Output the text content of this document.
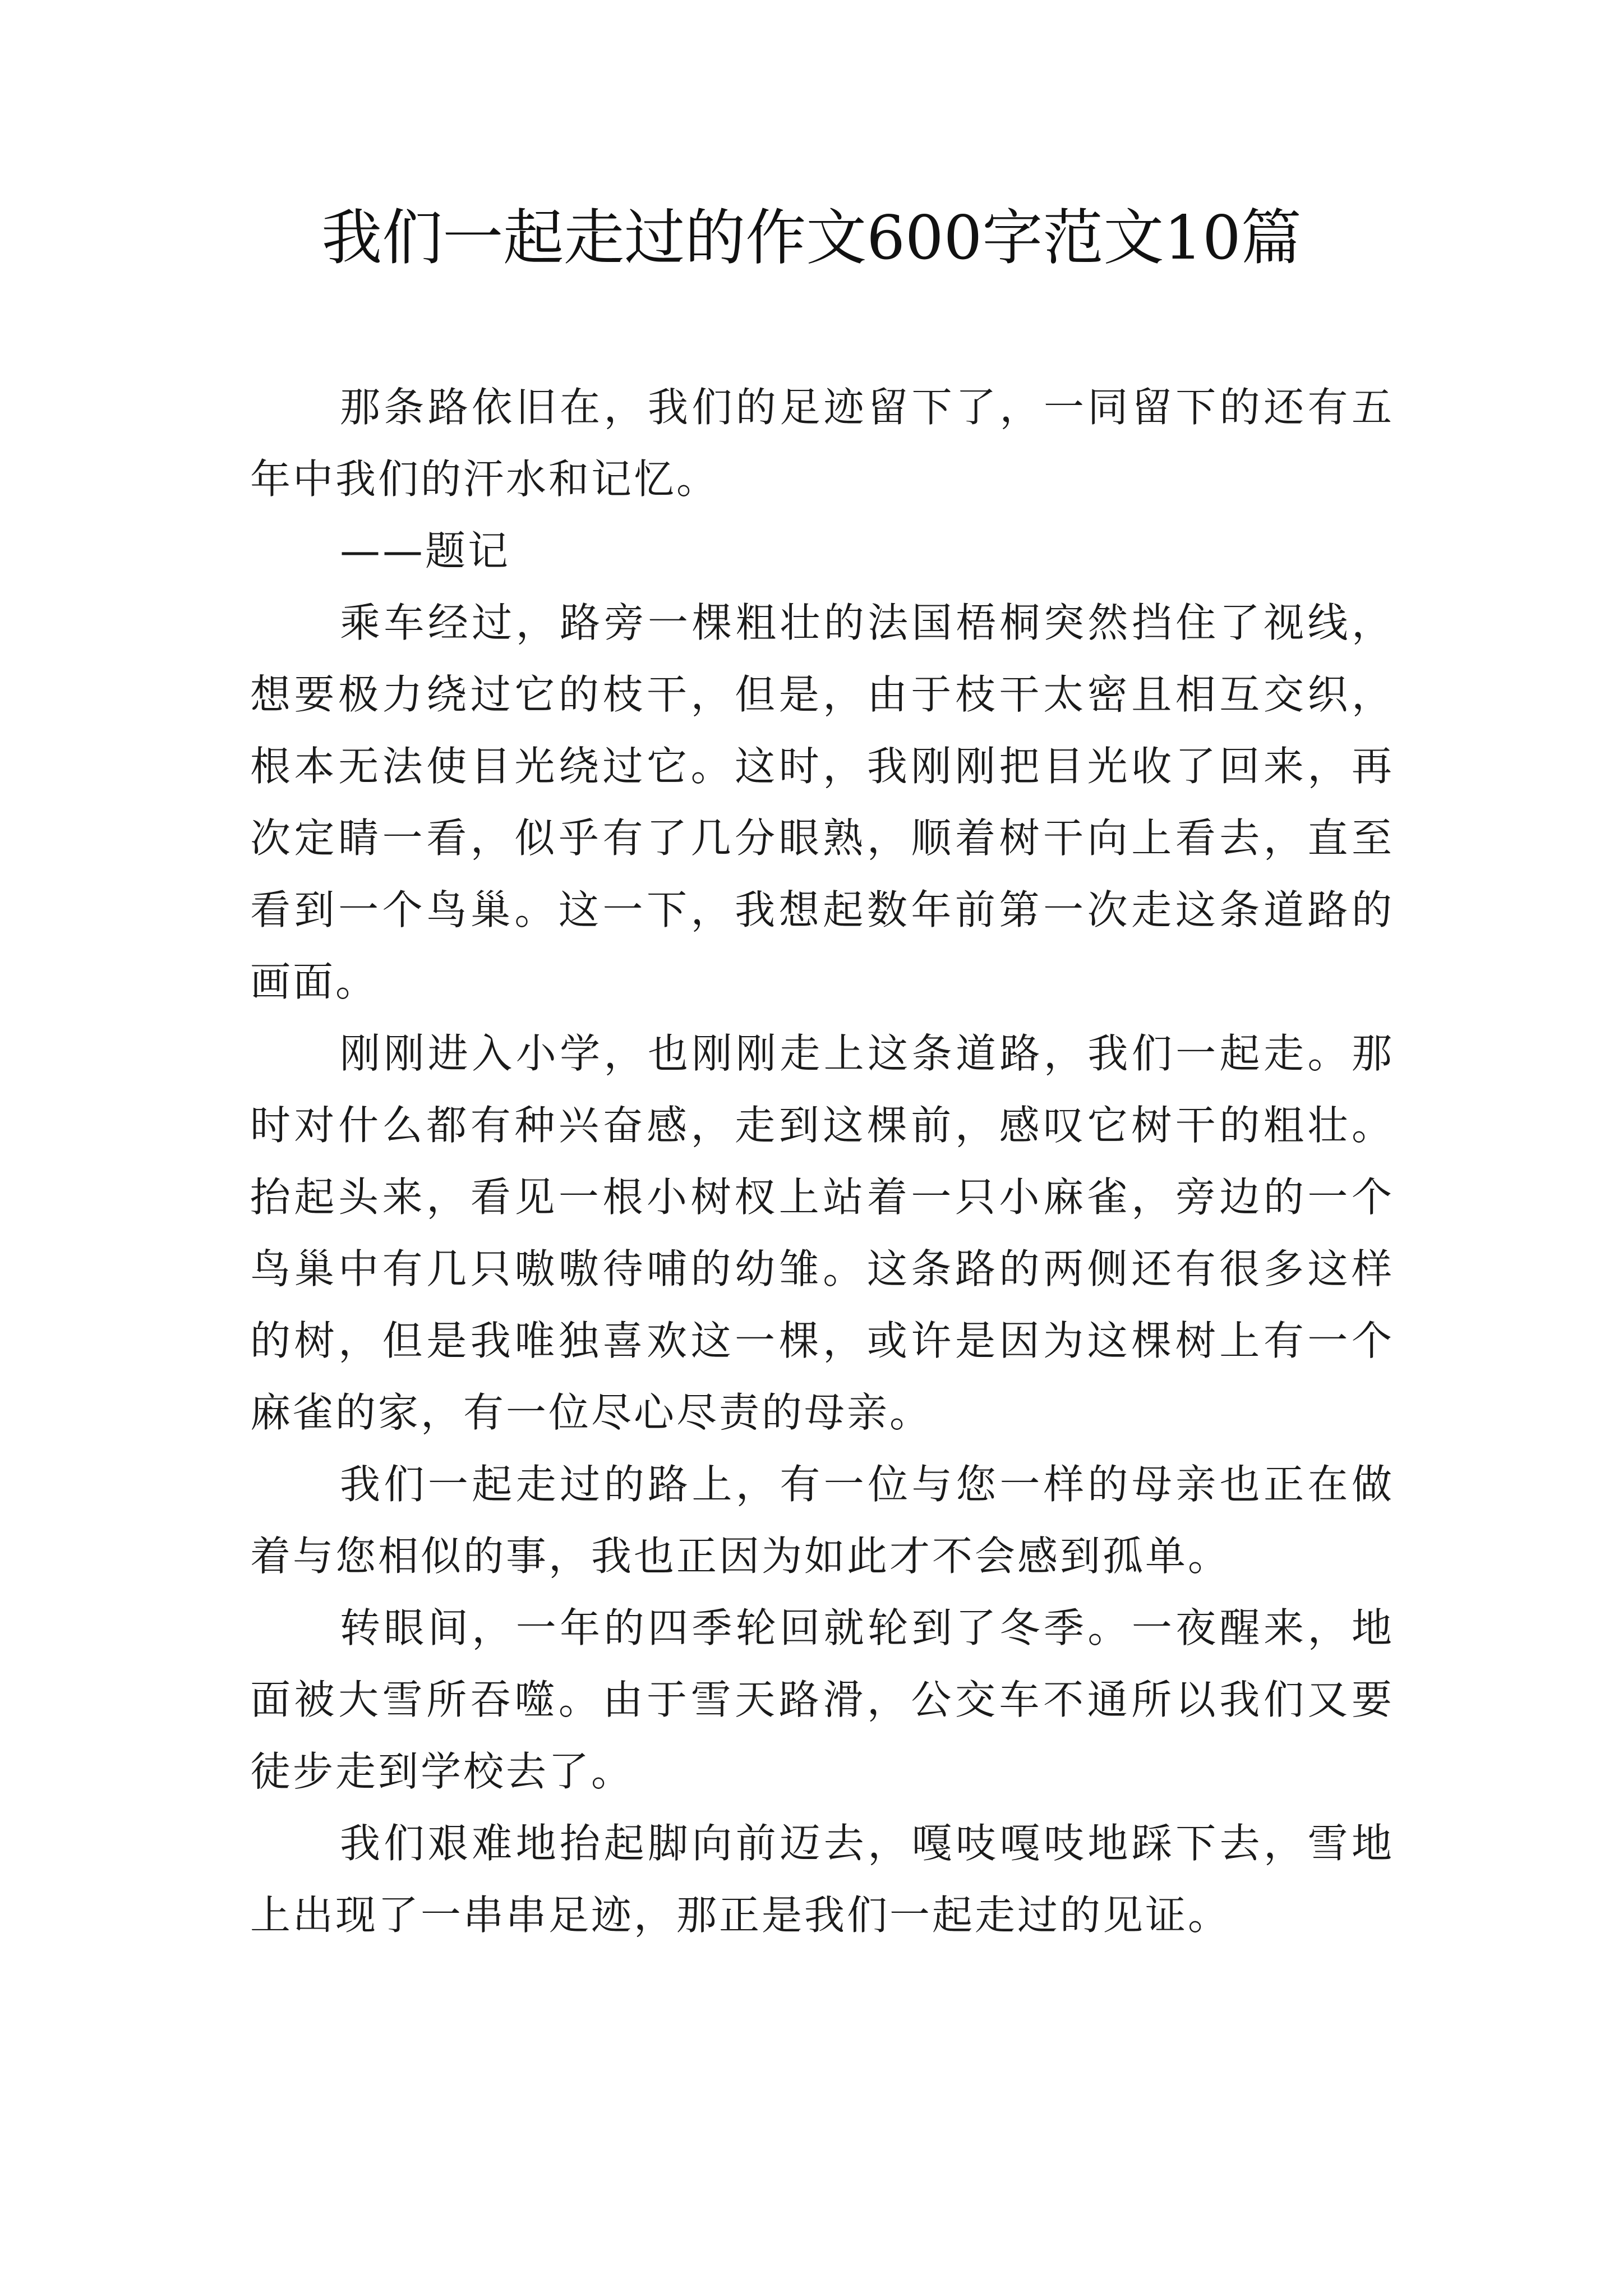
我们一起走过的作文600字范文10篇

那条路依旧在，我们的足迹留下了，一同留下的还有五年中我们的汗水和记忆。

——题记

乘车经过，路旁一棵粗壮的法国梧桐突然挡住了视线，想要极力绕过它的枝干，但是，由于枝干太密且相互交织，根本无法使目光绕过它。这时，我刚刚把目光收了回来，再次定睛一看，似乎有了几分眼熟，顺着树干向上看去，直至看到一个鸟巢。这一下，我想起数年前第一次走这条道路的画面。

刚刚进入小学，也刚刚走上这条道路，我们一起走。那时对什么都有种兴奋感，走到这棵前，感叹它树干的粗壮。抬起头来，看见一根小树杈上站着一只小麻雀，旁边的一个鸟巢中有几只嗷嗷待哺的幼雏。这条路的两侧还有很多这样的树，但是我唯独喜欢这一棵，或许是因为这棵树上有一个麻雀的家，有一位尽心尽责的母亲。

我们一起走过的路上，有一位与您一样的母亲也正在做着与您相似的事，我也正因为如此才不会感到孤单。

转眼间，一年的四季轮回就轮到了冬季。一夜醒来，地面被大雪所吞噬。由于雪天路滑，公交车不通所以我们又要徒步走到学校去了。

我们艰难地抬起脚向前迈去，嘎吱嘎吱地踩下去，雪地上出现了一串串足迹，那正是我们一起走过的见证。
